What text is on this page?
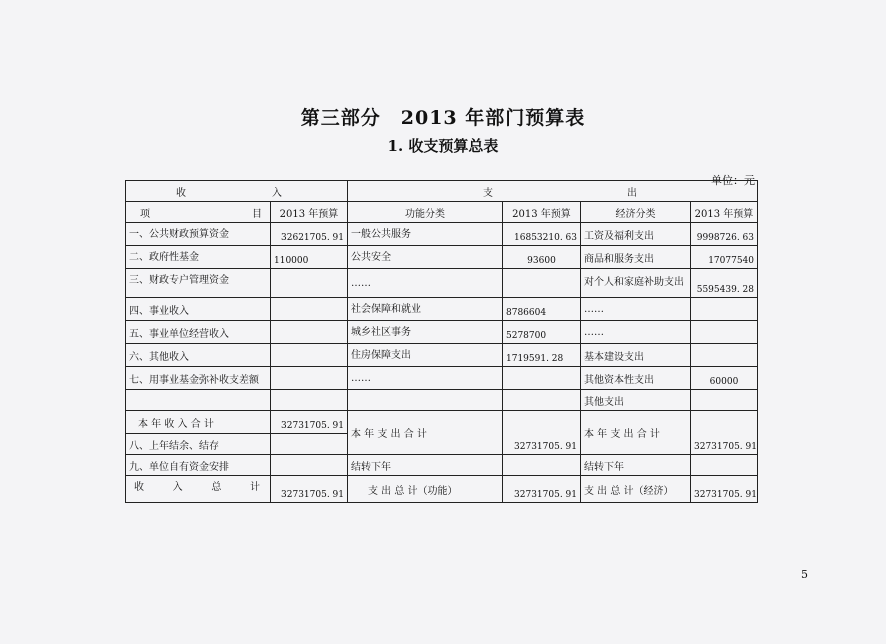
第三部分　2013 年部门预算表
1. 收支预算总表
单位：元
收 入		支 出			

项 目	2013 年预算	功能分类	2013 年预算	经济分类	2013 年预算
一、公共财政预算资金	32621705. 91	一般公共服务	16853210. 63	工资及福利支出	9998726. 63
二、政府性基金	110000	公共安全	93600	商品和服务支出	17077540
三、财政专户管理资金		……		对个人和家庭补助支出	5595439. 28
四、事业收入		社会保障和就业	8786604	……	
五、事业单位经营收入		城乡社区事务	5278700	……	
六、其他收入		住房保障支出	1719591. 28	基本建设支出	
七、用事业基金弥补收支差额		……		其他资本性支出	60000
				其他支出	
本 年 收 入 合 计	32731705. 91	本 年 支 出 合 计	32731705. 91	本 年 支 出 合 计	32731705. 91
八、上年结余、结存					
九、单位自有资金安排		结转下年		结转下年	

收 入 总 计	32731705. 91	支 出 总 计（功能）	32731705. 91	支 出 总 计（经济）	32731705. 91
5
